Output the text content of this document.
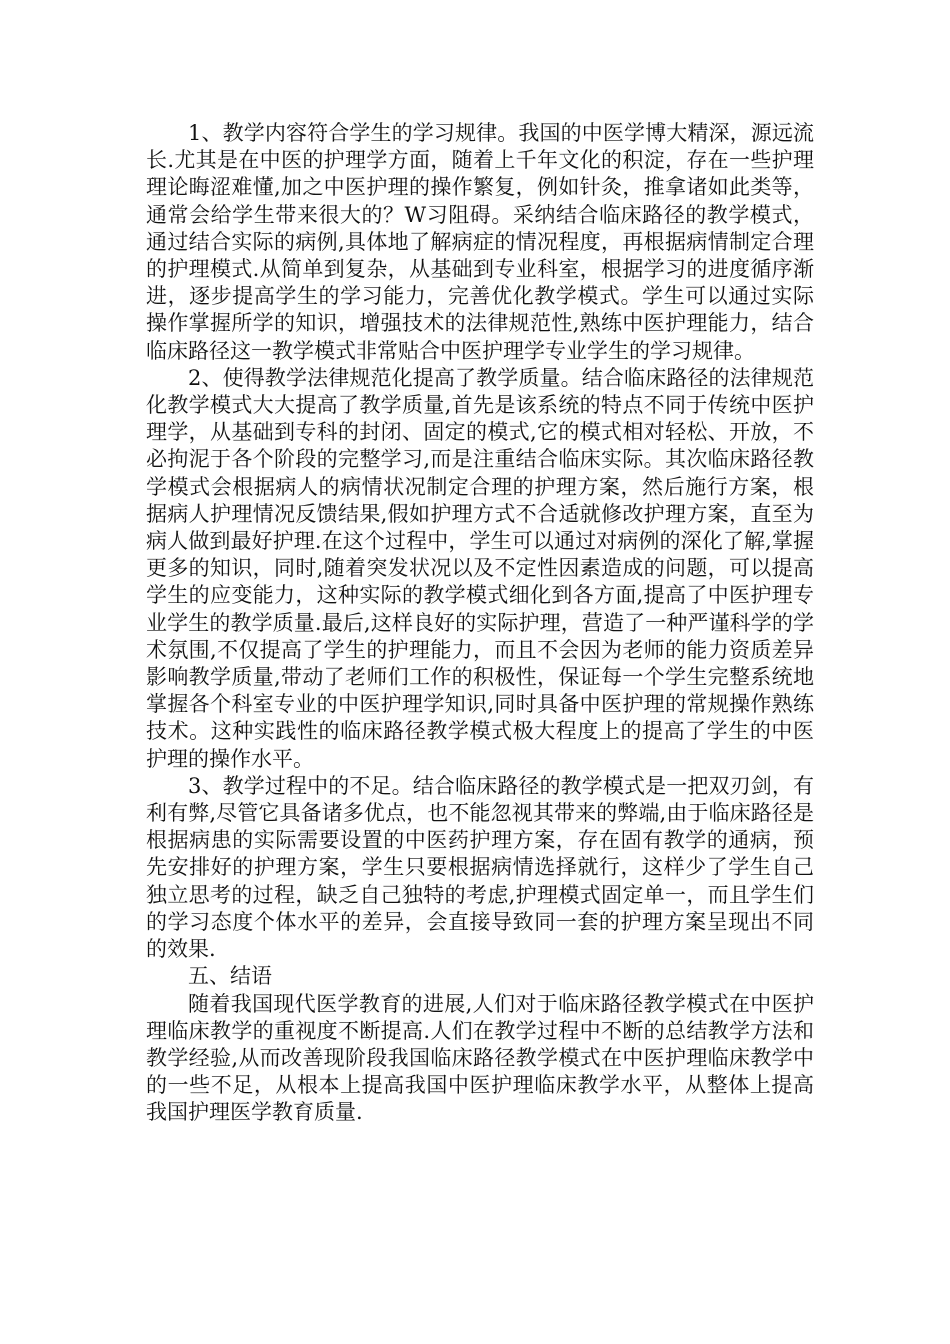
1、教学内容符合学生的学习规律。我国的中医学博大精深，源远流长.尤其是在中医的护理学方面，随着上千年文化的积淀，存在一些护理理论晦涩难懂,加之中医护理的操作繁复，例如针灸，推拿诸如此类等，通常会给学生带来很大的？W习阻碍。采纳结合临床路径的教学模式，通过结合实际的病例,具体地了解病症的情况程度，再根据病情制定合理的护理模式.从简单到复杂，从基础到专业科室，根据学习的进度循序渐进，逐步提高学生的学习能力，完善优化教学模式。学生可以通过实际操作掌握所学的知识，增强技术的法律规范性,熟练中医护理能力，结合临床路径这一教学模式非常贴合中医护理学专业学生的学习规律。

2、使得教学法律规范化提高了教学质量。结合临床路径的法律规范化教学模式大大提高了教学质量,首先是该系统的特点不同于传统中医护理学，从基础到专科的封闭、固定的模式,它的模式相对轻松、开放，不必拘泥于各个阶段的完整学习,而是注重结合临床实际。其次临床路径教学模式会根据病人的病情状况制定合理的护理方案，然后施行方案，根据病人护理情况反馈结果,假如护理方式不合适就修改护理方案，直至为病人做到最好护理.在这个过程中，学生可以通过对病例的深化了解,掌握更多的知识，同时,随着突发状况以及不定性因素造成的问题，可以提高学生的应变能力，这种实际的教学模式细化到各方面,提高了中医护理专业学生的教学质量.最后,这样良好的实际护理，营造了一种严谨科学的学术氛围,不仅提高了学生的护理能力，而且不会因为老师的能力资质差异影响教学质量,带动了老师们工作的积极性，保证每一个学生完整系统地掌握各个科室专业的中医护理学知识,同时具备中医护理的常规操作熟练技术。这种实践性的临床路径教学模式极大程度上的提高了学生的中医护理的操作水平。

3、教学过程中的不足。结合临床路径的教学模式是一把双刃剑，有利有弊,尽管它具备诸多优点，也不能忽视其带来的弊端,由于临床路径是根据病患的实际需要设置的中医药护理方案，存在固有教学的通病，预先安排好的护理方案，学生只要根据病情选择就行，这样少了学生自己独立思考的过程，缺乏自己独特的考虑,护理模式固定单一，而且学生们的学习态度个体水平的差异，会直接导致同一套的护理方案呈现出不同的效果.

五、结语

随着我国现代医学教育的进展,人们对于临床路径教学模式在中医护理临床教学的重视度不断提高.人们在教学过程中不断的总结教学方法和教学经验,从而改善现阶段我国临床路径教学模式在中医护理临床教学中的一些不足，从根本上提高我国中医护理临床教学水平，从整体上提高我国护理医学教育质量.
